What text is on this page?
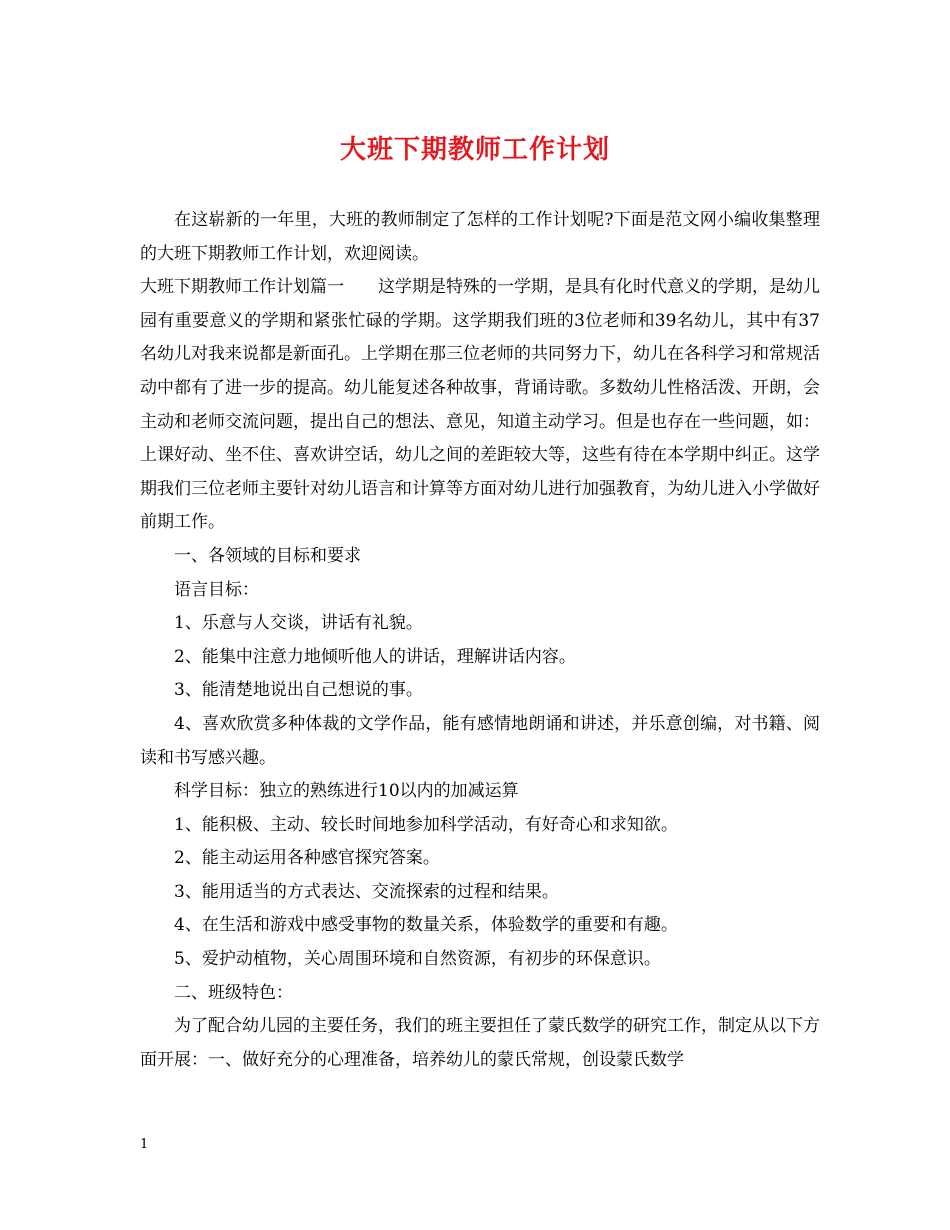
大班下期教师工作计划

在这崭新的一年里，大班的教师制定了怎样的工作计划呢?下面是范文网小编收集整理的大班下期教师工作计划，欢迎阅读。

大班下期教师工作计划篇一　　这学期是特殊的一学期，是具有化时代意义的学期，是幼儿园有重要意义的学期和紧张忙碌的学期。这学期我们班的3位老师和39名幼儿，其中有37名幼儿对我来说都是新面孔。上学期在那三位老师的共同努力下，幼儿在各科学习和常规活动中都有了进一步的提高。幼儿能复述各种故事，背诵诗歌。多数幼儿性格活泼、开朗，会主动和老师交流问题，提出自己的想法、意见，知道主动学习。但是也存在一些问题，如：上课好动、坐不住、喜欢讲空话，幼儿之间的差距较大等，这些有待在本学期中纠正。这学期我们三位老师主要针对幼儿语言和计算等方面对幼儿进行加强教育，为幼儿进入小学做好前期工作。

一、各领域的目标和要求

语言目标：

1、乐意与人交谈，讲话有礼貌。

2、能集中注意力地倾听他人的讲话，理解讲话内容。

3、能清楚地说出自己想说的事。

4、喜欢欣赏多种体裁的文学作品，能有感情地朗诵和讲述，并乐意创编，对书籍、阅读和书写感兴趣。

科学目标：独立的熟练进行10以内的加减运算

1、能积极、主动、较长时间地参加科学活动，有好奇心和求知欲。

2、能主动运用各种感官探究答案。

3、能用适当的方式表达、交流探索的过程和结果。

4、在生活和游戏中感受事物的数量关系，体验数学的重要和有趣。

5、爱护动植物，关心周围环境和自然资源，有初步的环保意识。

二、班级特色：

为了配合幼儿园的主要任务，我们的班主要担任了蒙氏数学的研究工作，制定从以下方面开展：一、做好充分的心理准备，培养幼儿的蒙氏常规，创设蒙氏数学

1
